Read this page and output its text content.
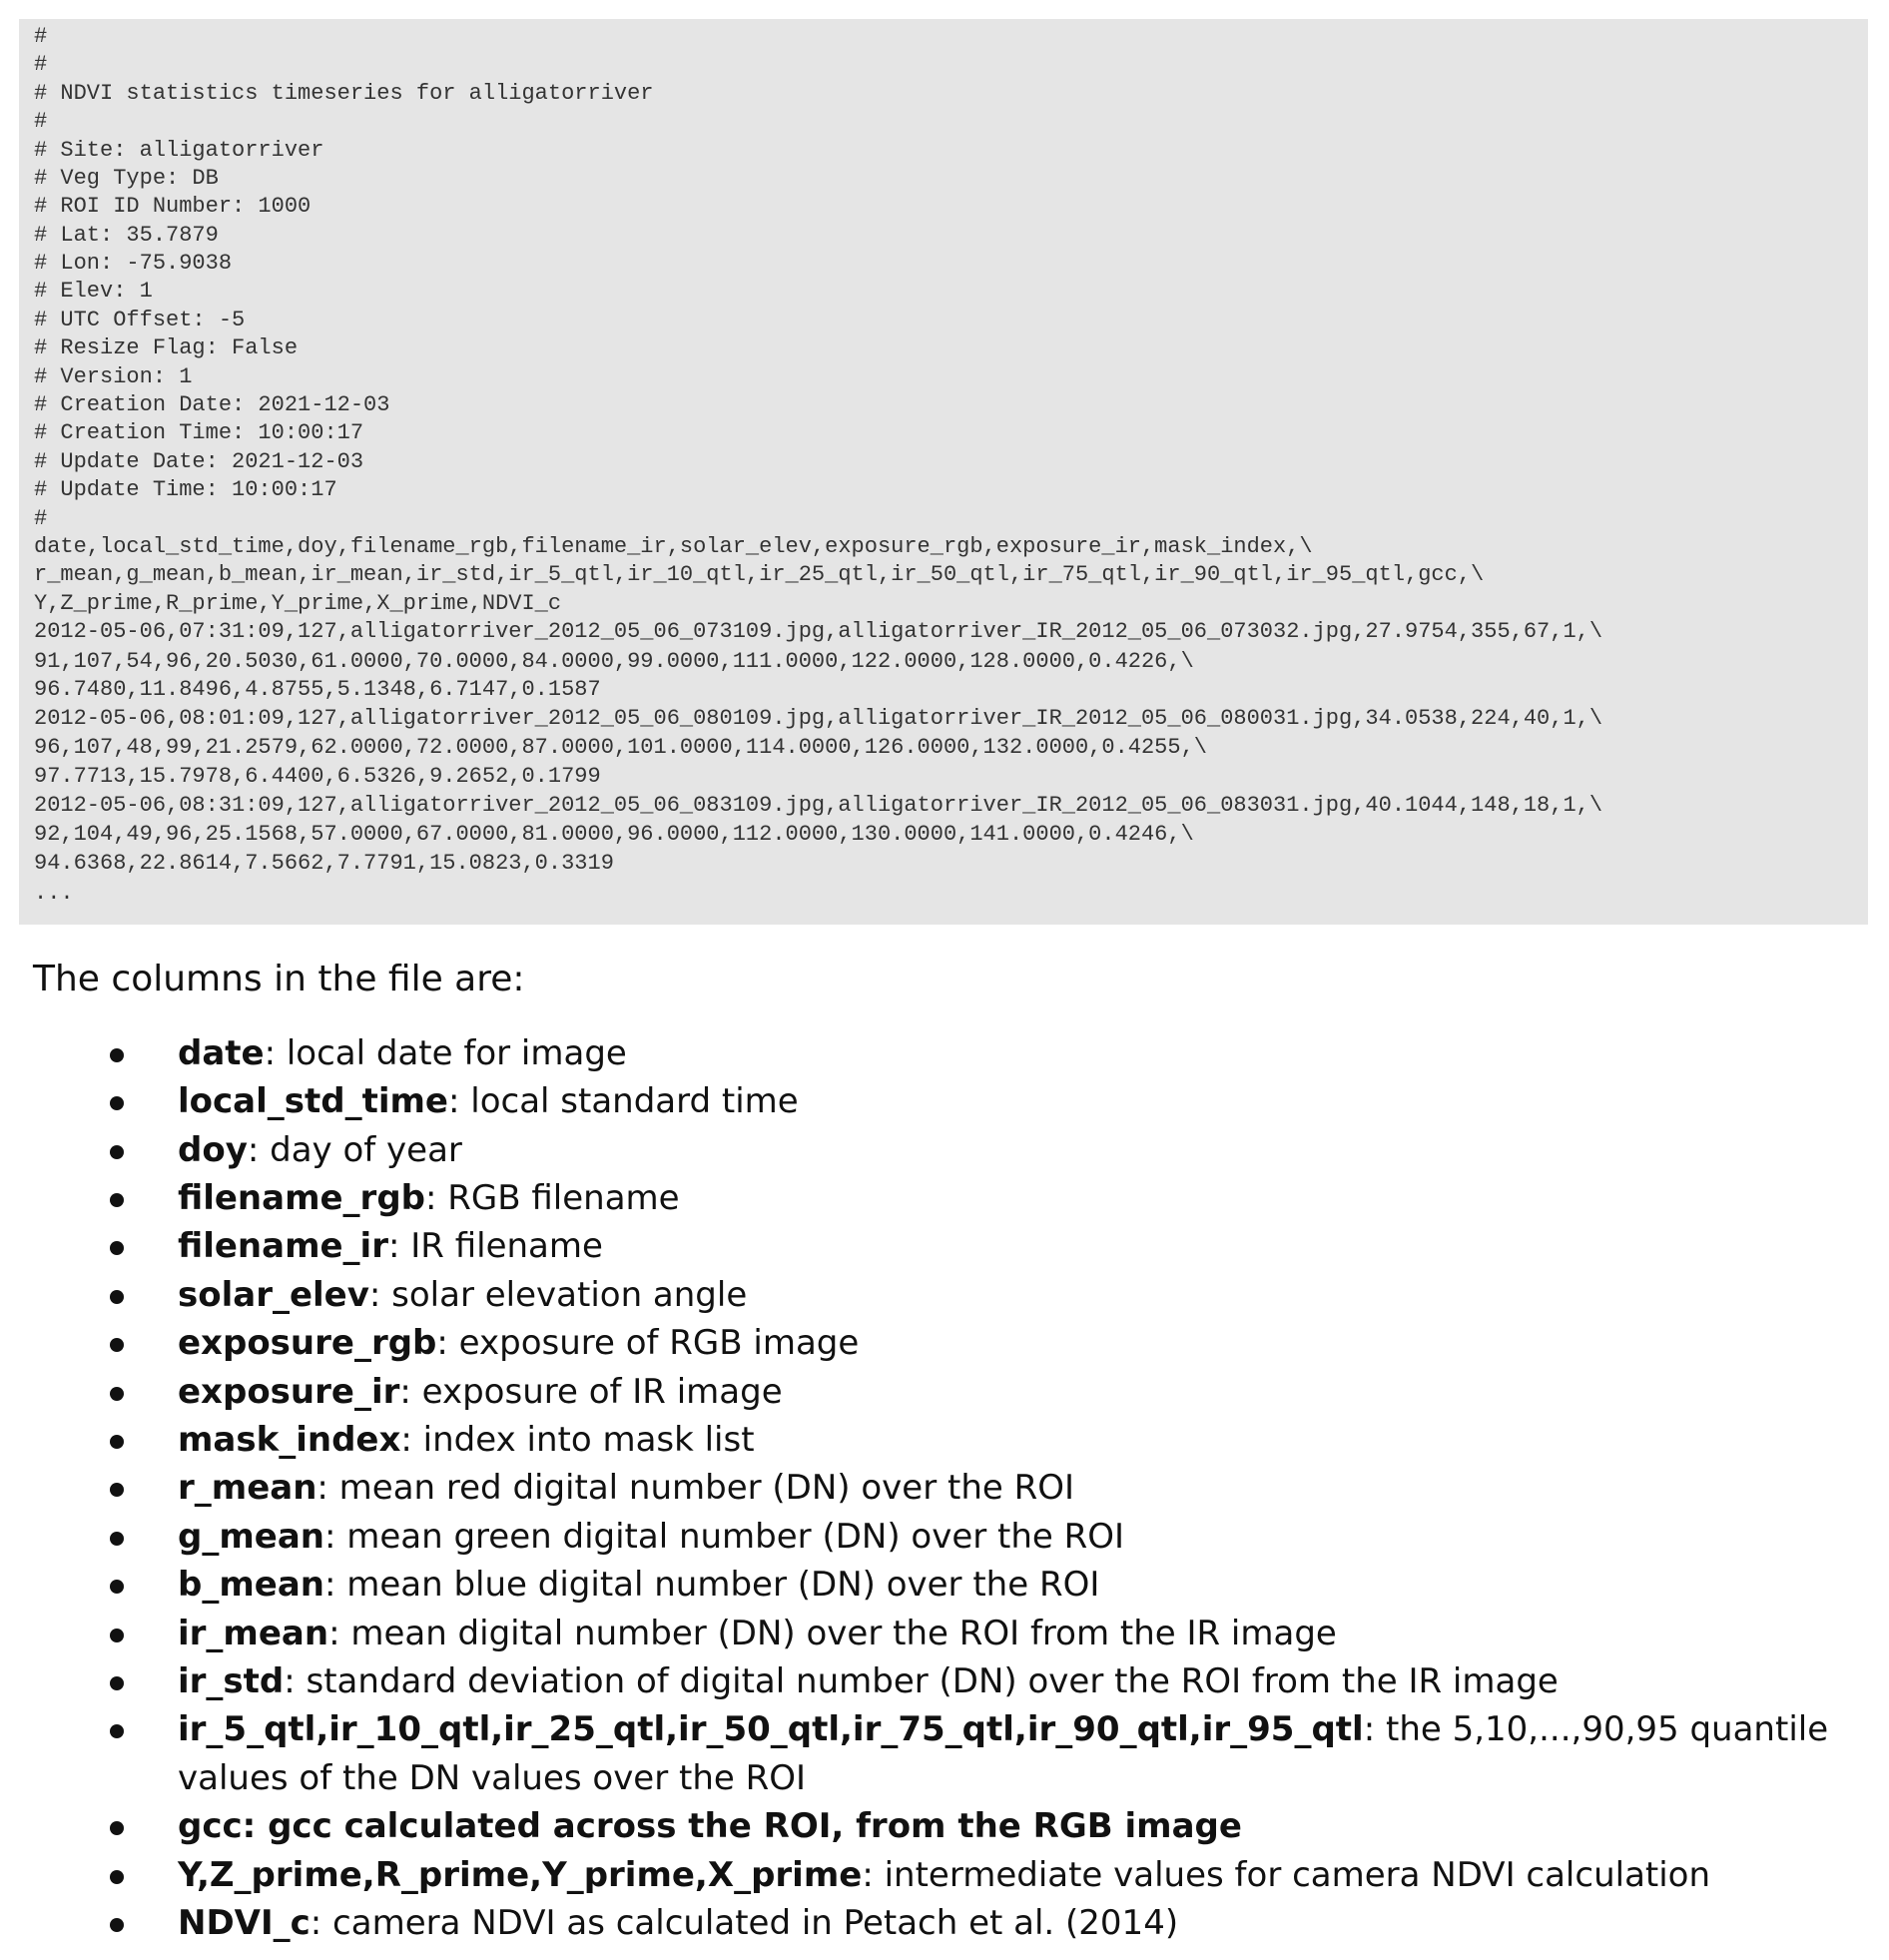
#
#
# NDVI statistics timeseries for alligatorriver
#
# Site: alligatorriver
# Veg Type: DB
# ROI ID Number: 1000
# Lat: 35.7879
# Lon: -75.9038
# Elev: 1
# UTC Offset: -5
# Resize Flag: False
# Version: 1
# Creation Date: 2021-12-03
# Creation Time: 10:00:17
# Update Date: 2021-12-03
# Update Time: 10:00:17
#
date,local_std_time,doy,filename_rgb,filename_ir,solar_elev,exposure_rgb,exposure_ir,mask_index,\
r_mean,g_mean,b_mean,ir_mean,ir_std,ir_5_qtl,ir_10_qtl,ir_25_qtl,ir_50_qtl,ir_75_qtl,ir_90_qtl,ir_95_qtl,gcc,\
Y,Z_prime,R_prime,Y_prime,X_prime,NDVI_c
2012-05-06,07:31:09,127,alligatorriver_2012_05_06_073109.jpg,alligatorriver_IR_2012_05_06_073032.jpg,27.9754,355,67,1,\
91,107,54,96,20.5030,61.0000,70.0000,84.0000,99.0000,111.0000,122.0000,128.0000,0.4226,\
96.7480,11.8496,4.8755,5.1348,6.7147,0.1587
2012-05-06,08:01:09,127,alligatorriver_2012_05_06_080109.jpg,alligatorriver_IR_2012_05_06_080031.jpg,34.0538,224,40,1,\
96,107,48,99,21.2579,62.0000,72.0000,87.0000,101.0000,114.0000,126.0000,132.0000,0.4255,\
97.7713,15.7978,6.4400,6.5326,9.2652,0.1799
2012-05-06,08:31:09,127,alligatorriver_2012_05_06_083109.jpg,alligatorriver_IR_2012_05_06_083031.jpg,40.1044,148,18,1,\
92,104,49,96,25.1568,57.0000,67.0000,81.0000,96.0000,112.0000,130.0000,141.0000,0.4246,\
94.6368,22.8614,7.5662,7.7791,15.0823,0.3319
...
The columns in the file are:
date: local date for image
local_std_time: local standard time
doy: day of year
filename_rgb: RGB filename
filename_ir: IR filename
solar_elev: solar elevation angle
exposure_rgb: exposure of RGB image
exposure_ir: exposure of IR image
mask_index: index into mask list
r_mean: mean red digital number (DN) over the ROI
g_mean: mean green digital number (DN) over the ROI
b_mean: mean blue digital number (DN) over the ROI
ir_mean: mean digital number (DN) over the ROI from the IR image
ir_std: standard deviation of digital number (DN) over the ROI from the IR image
ir_5_qtl,ir_10_qtl,ir_25_qtl,ir_50_qtl,ir_75_qtl,ir_90_qtl,ir_95_qtl: the 5,10,...,90,95 quantile
values of the DN values over the ROI
gcc: gcc calculated across the ROI, from the RGB image
Y,Z_prime,R_prime,Y_prime,X_prime: intermediate values for camera NDVI calculation
NDVI_c: camera NDVI as calculated in Petach et al. (2014)
